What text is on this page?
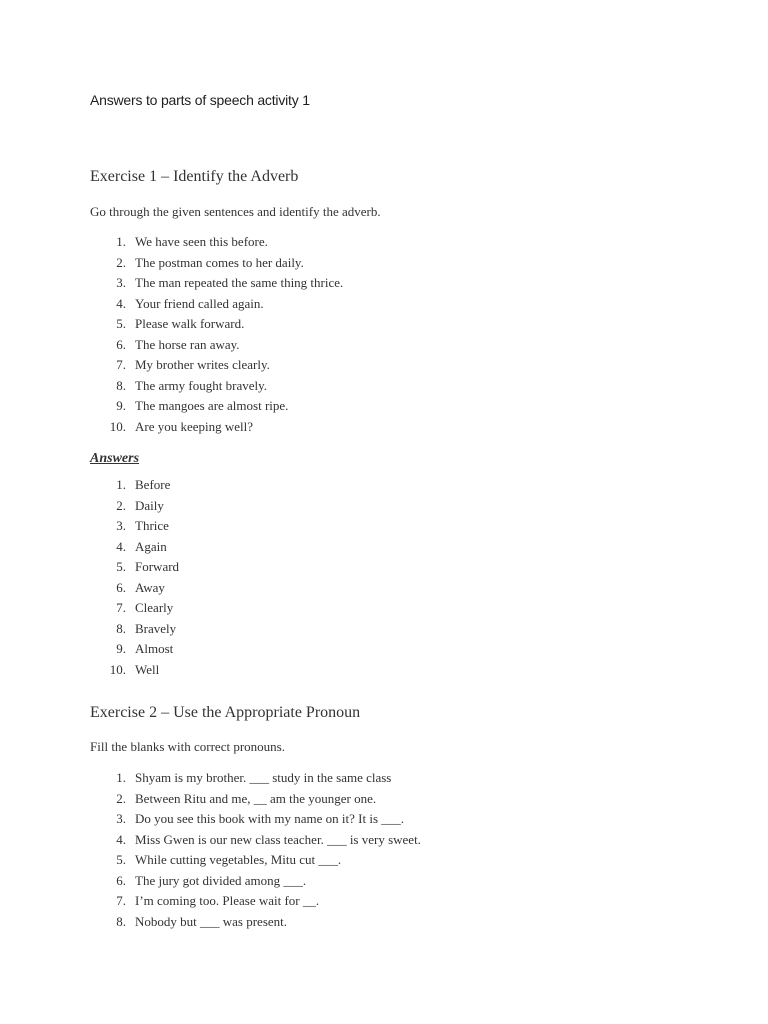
Answers to parts of speech activity 1
Exercise 1 – Identify the Adverb

Go through the given sentences and identify the adverb.

1. We have seen this before.
2. The postman comes to her daily.
3. The man repeated the same thing thrice.
4. Your friend called again.
5. Please walk forward.
6. The horse ran away.
7. My brother writes clearly.
8. The army fought bravely.
9. The mangoes are almost ripe.
10. Are you keeping well?
Answers
1. Before
2. Daily
3. Thrice
4. Again
5. Forward
6. Away
7. Clearly
8. Bravely
9. Almost
10. Well
Exercise 2 – Use the Appropriate Pronoun

Fill the blanks with correct pronouns.

1. Shyam is my brother. ___ study in the same class
2. Between Ritu and me, __ am the younger one.
3. Do you see this book with my name on it? It is ___.
4. Miss Gwen is our new class teacher. ___ is very sweet.
5. While cutting vegetables, Mitu cut ___.
6. The jury got divided among ___.
7. I’m coming too. Please wait for __.
8. Nobody but ___ was present.
